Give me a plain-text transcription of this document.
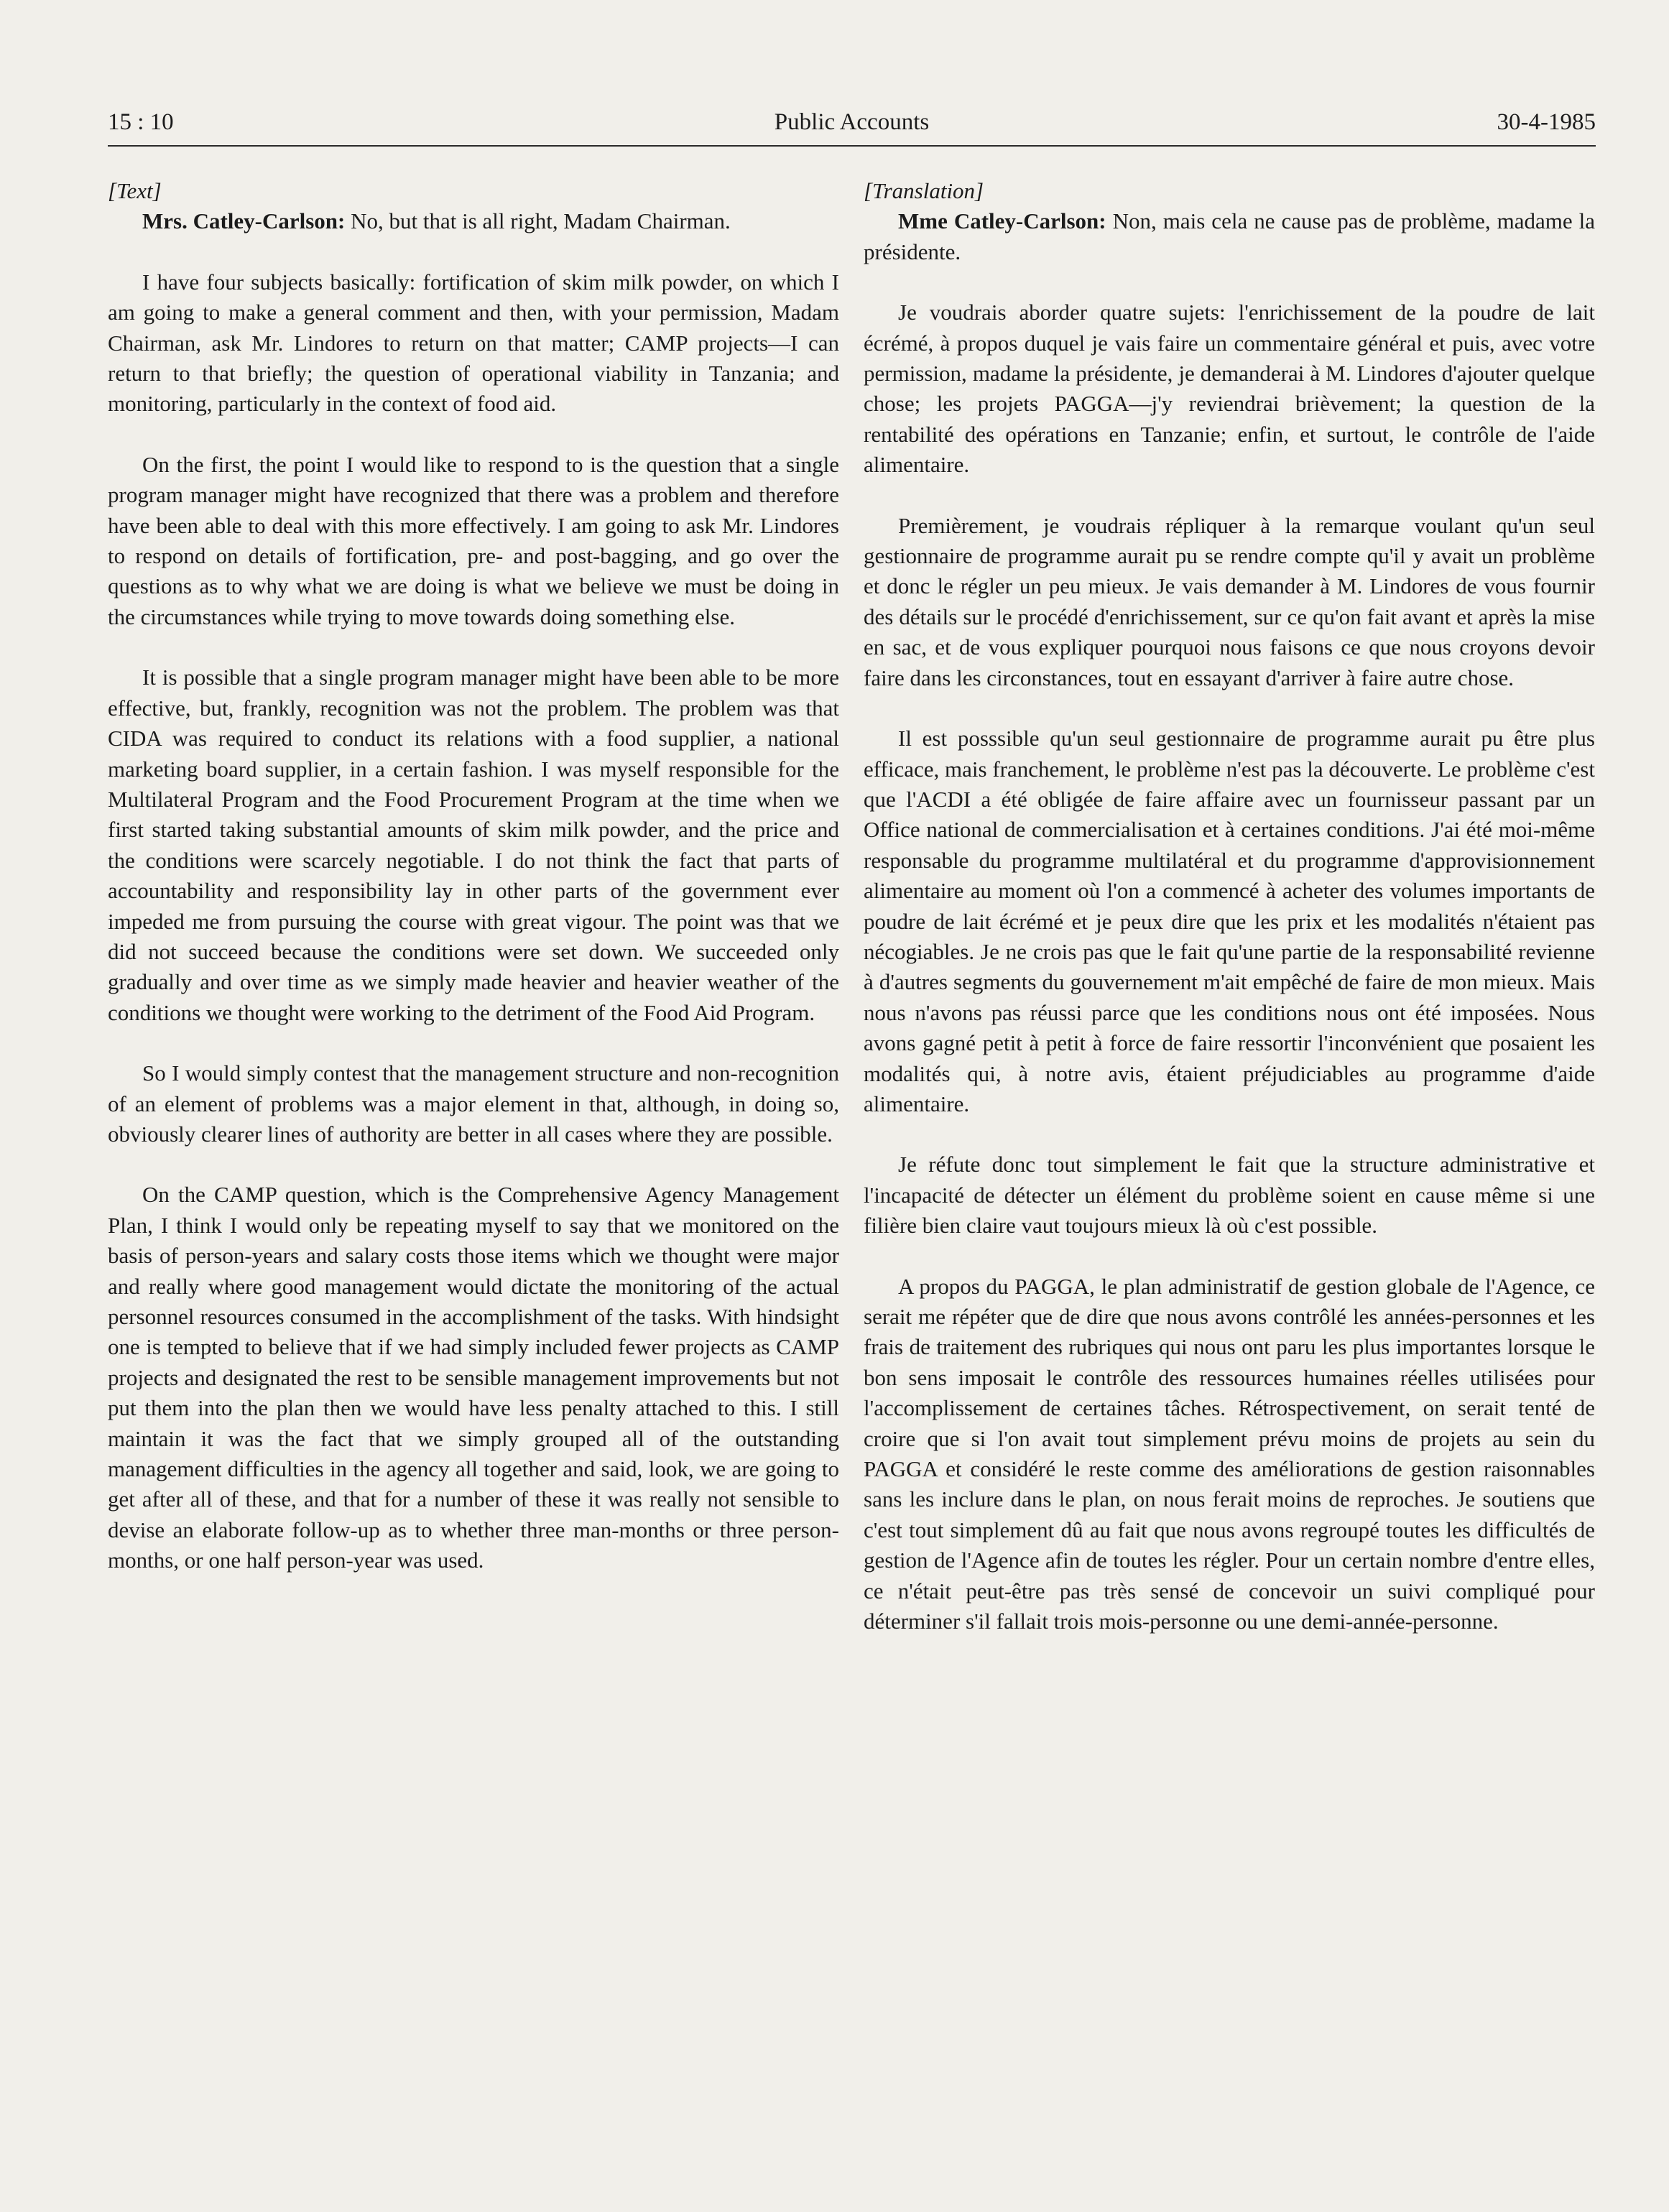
15 : 10	Public Accounts	30-4-1985

[Text]

Mrs. Catley-Carlson: No, but that is all right, Madam Chairman.

I have four subjects basically: fortification of skim milk powder, on which I am going to make a general comment and then, with your permission, Madam Chairman, ask Mr. Lindores to return on that matter; CAMP projects—I can return to that briefly; the question of operational viability in Tanzania; and monitoring, particularly in the context of food aid.

On the first, the point I would like to respond to is the question that a single program manager might have recognized that there was a problem and therefore have been able to deal with this more effectively. I am going to ask Mr. Lindores to respond on details of fortification, pre- and post-bagging, and go over the questions as to why what we are doing is what we believe we must be doing in the circumstances while trying to move towards doing something else.

It is possible that a single program manager might have been able to be more effective, but, frankly, recognition was not the problem. The problem was that CIDA was required to conduct its relations with a food supplier, a national marketing board supplier, in a certain fashion. I was myself responsible for the Multilateral Program and the Food Procurement Program at the time when we first started taking substantial amounts of skim milk powder, and the price and the conditions were scarcely negotiable. I do not think the fact that parts of accountability and responsibility lay in other parts of the government ever impeded me from pursuing the course with great vigour. The point was that we did not succeed because the conditions were set down. We succeeded only gradually and over time as we simply made heavier and heavier weather of the conditions we thought were working to the detriment of the Food Aid Program.

So I would simply contest that the management structure and non-recognition of an element of problems was a major element in that, although, in doing so, obviously clearer lines of authority are better in all cases where they are possible.

On the CAMP question, which is the Comprehensive Agency Management Plan, I think I would only be repeating myself to say that we monitored on the basis of person-years and salary costs those items which we thought were major and really where good management would dictate the monitoring of the actual personnel resources consumed in the accomplishment of the tasks. With hindsight one is tempted to believe that if we had simply included fewer projects as CAMP projects and designated the rest to be sensible management improvements but not put them into the plan then we would have less penalty attached to this. I still maintain it was the fact that we simply grouped all of the outstanding management difficulties in the agency all together and said, look, we are going to get after all of these, and that for a number of these it was really not sensible to devise an elaborate follow-up as to whether three man-months or three person-months, or one half person-year was used.

[Translation]

Mme Catley-Carlson: Non, mais cela ne cause pas de problème, madame la présidente.

Je voudrais aborder quatre sujets: l'enrichissement de la poudre de lait écrémé, à propos duquel je vais faire un commentaire général et puis, avec votre permission, madame la présidente, je demanderai à M. Lindores d'ajouter quelque chose; les projets PAGGA—j'y reviendrai brièvement; la question de la rentabilité des opérations en Tanzanie; enfin, et surtout, le contrôle de l'aide alimentaire.

Premièrement, je voudrais répliquer à la remarque voulant qu'un seul gestionnaire de programme aurait pu se rendre compte qu'il y avait un problème et donc le régler un peu mieux. Je vais demander à M. Lindores de vous fournir des détails sur le procédé d'enrichissement, sur ce qu'on fait avant et après la mise en sac, et de vous expliquer pourquoi nous faisons ce que nous croyons devoir faire dans les circonstances, tout en essayant d'arriver à faire autre chose.

Il est posssible qu'un seul gestionnaire de programme aurait pu être plus efficace, mais franchement, le problème n'est pas la découverte. Le problème c'est que l'ACDI a été obligée de faire affaire avec un fournisseur passant par un Office national de commercialisation et à certaines conditions. J'ai été moi-même responsable du programme multilatéral et du programme d'approvisionnement alimentaire au moment où l'on a commencé à acheter des volumes importants de poudre de lait écrémé et je peux dire que les prix et les modalités n'étaient pas nécogiables. Je ne crois pas que le fait qu'une partie de la responsabilité revienne à d'autres segments du gouvernement m'ait empêché de faire de mon mieux. Mais nous n'avons pas réussi parce que les conditions nous ont été imposées. Nous avons gagné petit à petit à force de faire ressortir l'inconvénient que posaient les modalités qui, à notre avis, étaient préjudiciables au programme d'aide alimentaire.

Je réfute donc tout simplement le fait que la structure administrative et l'incapacité de détecter un élément du problème soient en cause même si une filière bien claire vaut toujours mieux là où c'est possible.

A propos du PAGGA, le plan administratif de gestion globale de l'Agence, ce serait me répéter que de dire que nous avons contrôlé les années-personnes et les frais de traitement des rubriques qui nous ont paru les plus importantes lorsque le bon sens imposait le contrôle des ressources humaines réelles utilisées pour l'accomplissement de certaines tâches. Rétrospectivement, on serait tenté de croire que si l'on avait tout simplement prévu moins de projets au sein du PAGGA et considéré le reste comme des améliorations de gestion raisonnables sans les inclure dans le plan, on nous ferait moins de reproches. Je soutiens que c'est tout simplement dû au fait que nous avons regroupé toutes les difficultés de gestion de l'Agence afin de toutes les régler. Pour un certain nombre d'entre elles, ce n'était peut-être pas très sensé de concevoir un suivi compliqué pour déterminer s'il fallait trois mois-personne ou une demi-année-personne.
